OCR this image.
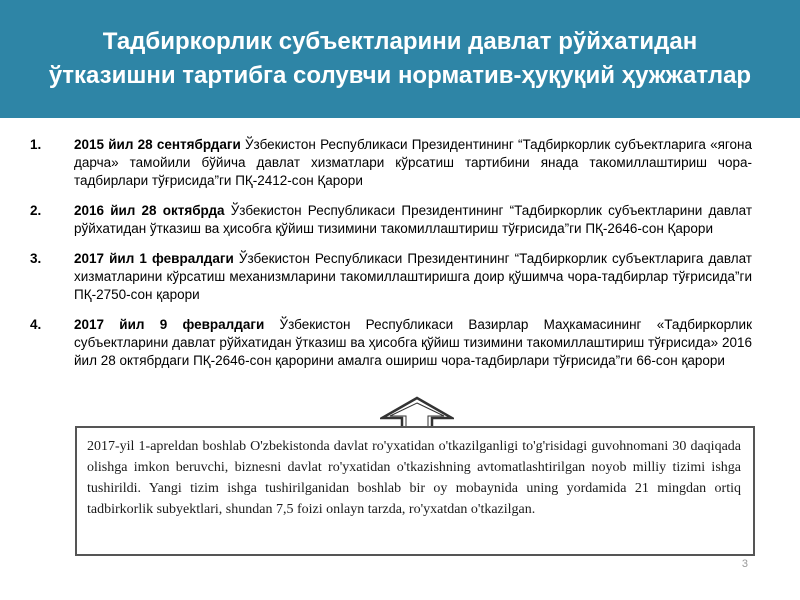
Тадбиркорлик субъектларини давлат рўйхатидан
ўтказишни тартибга солувчи норматив-ҳуқуқий ҳужжатлар
1.	2015 йил 28 сентябрдаги Ўзбекистон Республикаси Президентининг “Тадбиркорлик субъектларига «ягона дарча» тамойили бўйича давлат хизматлари кўрсатиш тартибини янада такомиллаштириш чора-тадбирлари тўғрисида”ги ПҚ-2412-сон Қарори
2.	2016 йил 28 октябрда Ўзбекистон Республикаси Президентининг “Тадбиркорлик субъектларини давлат рўйхатидан ўтказиш ва ҳисобга қўйиш тизимини такомиллаштириш тўғрисида”ги ПҚ-2646-сон Қарори
3.	2017 йил 1 февралдаги Ўзбекистон Республикаси Президентининг “Тадбиркорлик субъектларига давлат хизматларини кўрсатиш механизмларини такомиллаштиришга доир қўшимча чора-тадбирлар тўғрисида”ги ПҚ-2750-сон қарори
4.	2017 йил 9 февралдаги Ўзбекистон Республикаси Вазирлар Маҳкамасининг «Тадбиркорлик субъектларини давлат рўйхатидан ўтказиш ва ҳисобга қўйиш тизимини такомиллаштириш тўғрисида» 2016 йил 28 октябрдаги ПҚ-2646-сон қарорини амалга ошириш чора-тадбирлари тўғрисида”ги 66-сон қарори

2017-yil 1-apreldan boshlab O'zbekistonda davlat ro'yxatidan o'tkazilganligi to'g'risidagi guvohnomani 30 daqiqada olishga imkon beruvchi, biznesni davlat ro'yxatidan o'tkazishning avtomatlashtirilgan noyob milliy tizimi ishga tushirildi. Yangi tizim ishga tushirilganidan boshlab bir oy mobaynida uning yordamida 21 mingdan ortiq tadbirkorlik subyektlari, shundan 7,5 foizi onlayn tarzda, ro'yxatdan o'tkazilgan.

3
